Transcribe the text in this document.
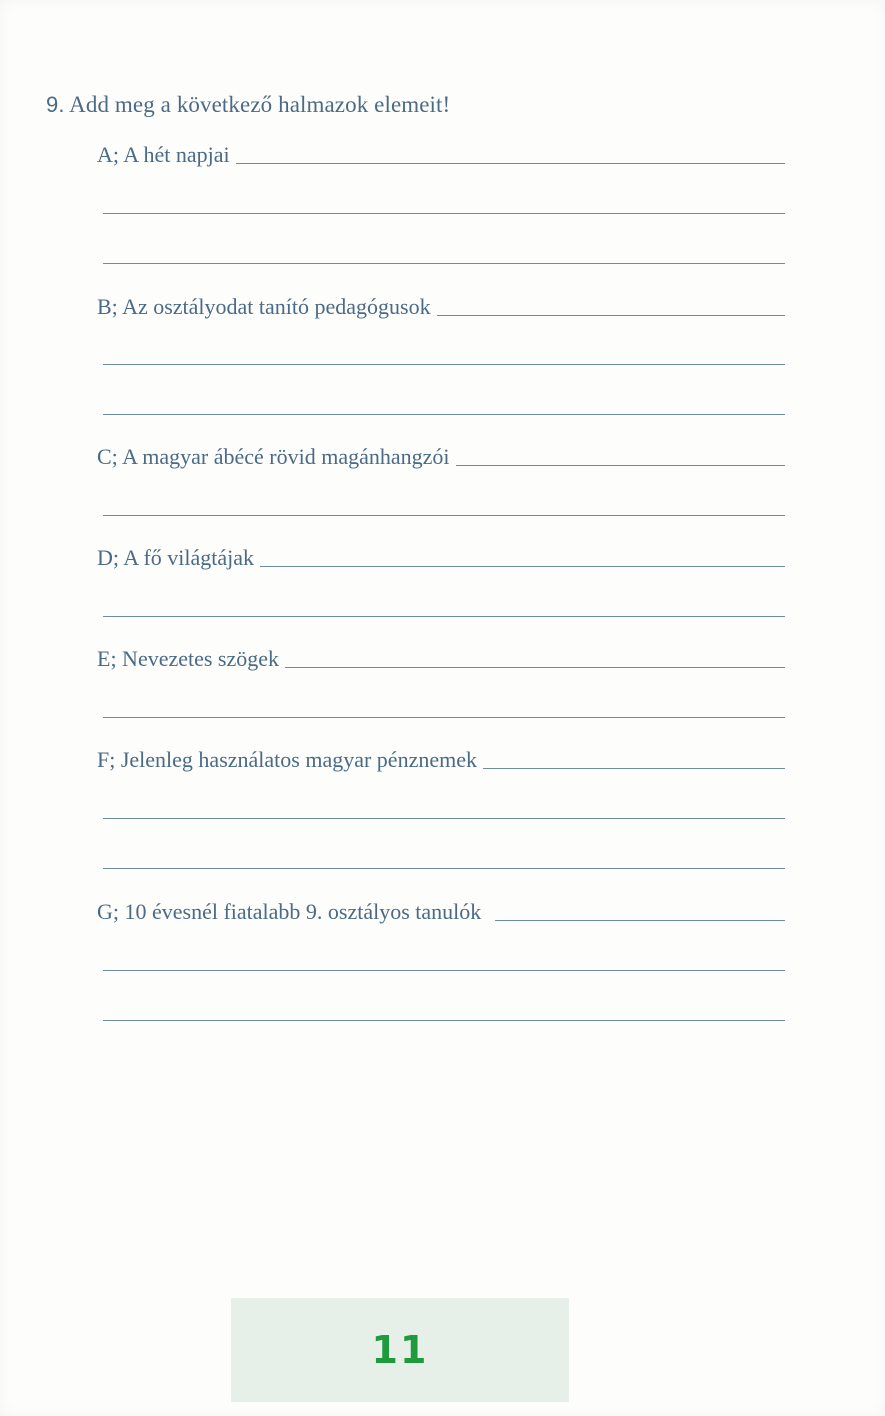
9. Add meg a következő halmazok elemeit!
A; A hét napjai
B; Az osztályodat tanító pedagógusok
C; A magyar ábécé rövid magánhangzói
D; A fő világtájak
E; Nevezetes szögek
F; Jelenleg használatos magyar pénznemek
G; 10 évesnél fiatalabb 9. osztályos tanulók
11
